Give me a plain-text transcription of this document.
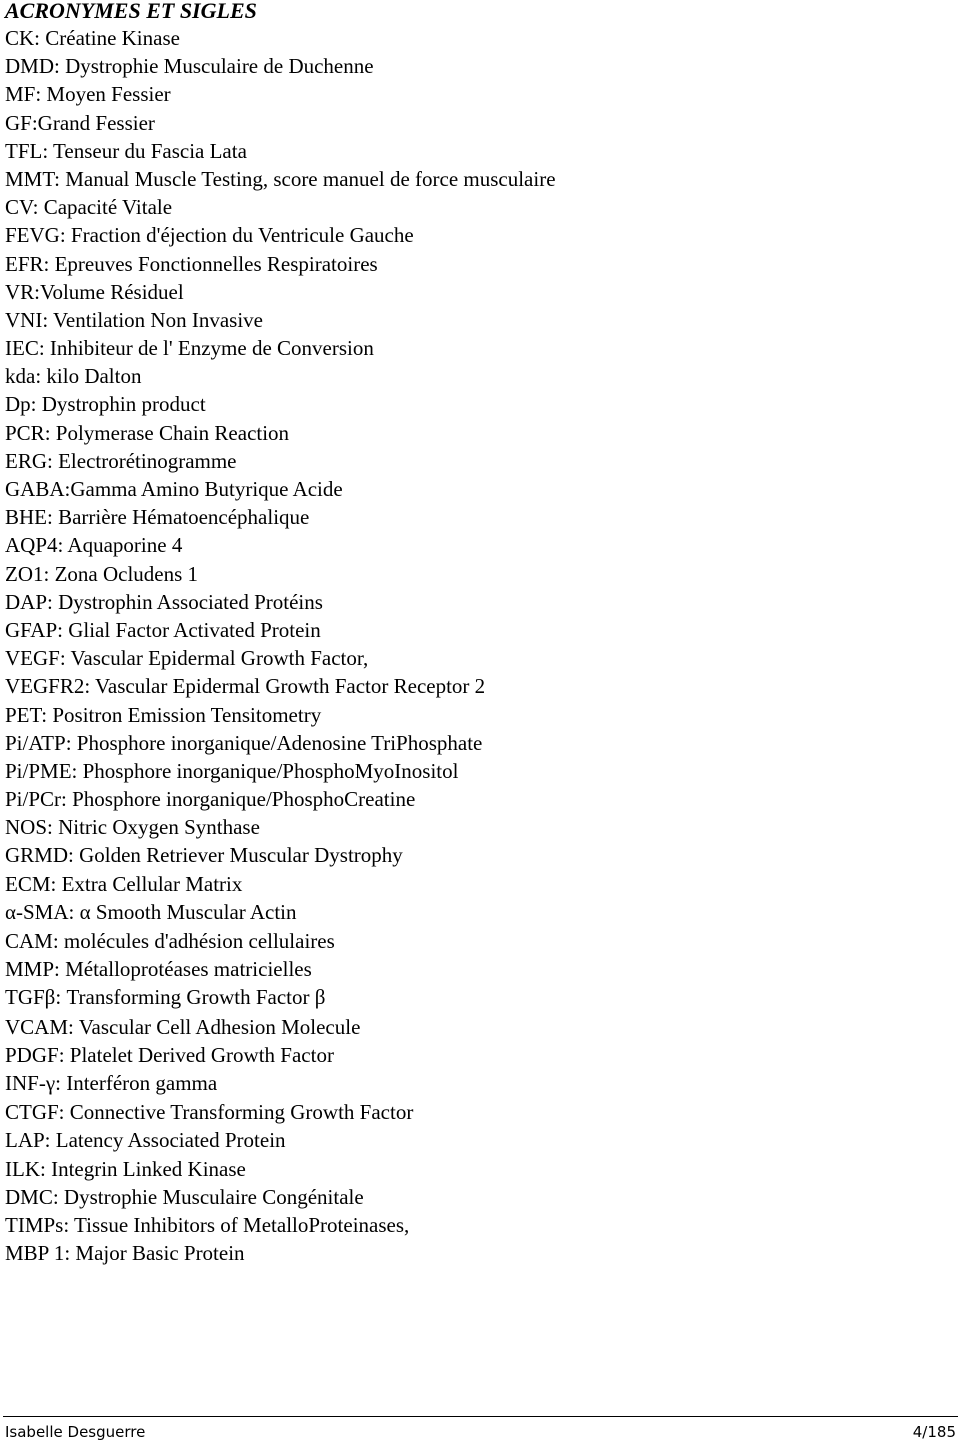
ACRONYMES ET SIGLES
CK: Créatine Kinase
DMD: Dystrophie Musculaire de Duchenne
MF: Moyen Fessier
GF:Grand Fessier
TFL: Tenseur du Fascia Lata
MMT: Manual Muscle Testing, score manuel de force musculaire
CV: Capacité Vitale
FEVG: Fraction d'éjection du Ventricule Gauche
EFR: Epreuves Fonctionnelles Respiratoires
VR:Volume Résiduel
VNI: Ventilation Non Invasive
IEC: Inhibiteur de l' Enzyme de Conversion
kda: kilo Dalton
Dp: Dystrophin product
PCR: Polymerase Chain Reaction
ERG: Electrorétinogramme
GABA:Gamma Amino Butyrique Acide
BHE: Barrière Hématoencéphalique
AQP4: Aquaporine 4
ZO1: Zona Ocludens 1
DAP: Dystrophin Associated Protéins
GFAP: Glial Factor Activated Protein
VEGF: Vascular Epidermal Growth Factor,
VEGFR2: Vascular Epidermal Growth Factor Receptor 2
PET: Positron Emission Tensitometry
Pi/ATP: Phosphore inorganique/Adenosine TriPhosphate
Pi/PME: Phosphore inorganique/PhosphoMyoInositol
Pi/PCr: Phosphore inorganique/PhosphoCreatine
NOS: Nitric Oxygen Synthase
GRMD: Golden Retriever Muscular Dystrophy
ECM: Extra Cellular Matrix
α-SMA: α Smooth Muscular Actin
CAM: molécules d'adhésion cellulaires
MMP: Métalloprotéases matricielles
TGFβ: Transforming Growth Factor β
VCAM: Vascular Cell Adhesion Molecule
PDGF: Platelet Derived Growth Factor
INF-γ: Interféron gamma
CTGF: Connective Transforming Growth Factor
LAP: Latency Associated Protein
ILK: Integrin Linked Kinase
DMC: Dystrophie Musculaire Congénitale
TIMPs: Tissue Inhibitors of MetalloProteinases,
MBP 1: Major Basic Protein
Isabelle Desguerre	4/185
